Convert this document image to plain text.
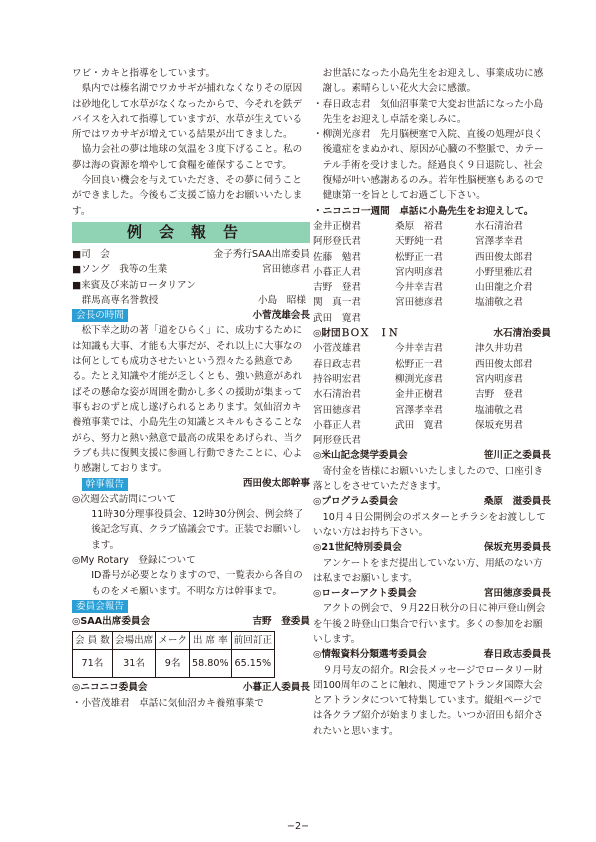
ワビ・カキと指導をしています。

県内では榛名湖でワカサギが捕れなくなりその原因は砂地化して水草がなくなったからで、今それを鉄デバイスを入れて指導していますが、水草が生えている所ではワカサギが増えている結果が出てきました。

協力会社の夢は地球の気温を３度下げること。私の夢は海の資源を増やして食糧を確保することです。

今回良い機会を与えていただき、その夢に伺うことができました。今後もご支援ご協力をお願いいたします。

例会報告
■司　会	金子秀行SAA出席委員
■ソング　我等の生業	宮田徳彦君
■来賓及び来訪ロータリアン
　群馬高専名誉教授	小島　昭様
会長の時間	小菅茂雄会長

松下幸之助の著「道をひらく」に、成功するためには知識も大事、才能も大事だが、それ以上に大事なのは何としても成功させたいという烈々たる熱意である。たとえ知識や才能が乏しくとも、強い熱意があればその懸命な姿が周囲を動かし多くの援助が集まって事もおのずと成し遂げられるとあります。気仙沼カキ養殖事業では、小島先生の知識とスキルもさることながら、努力と熱い熱意で最高の成果をあげられ、当クラブも共に復興支援に参画し行動できたことに、心より感謝しております。

幹事報告	西田俊太郎幹事

◎次週公式訪問について

11時30分理事役員会、12時30分例会、例会終了後記念写真、クラブ協議会です。正装でお願いします。

◎My Rotary　登録について

ID番号が必要となりますので、一覧表から各自のものをメモ願います。不明な方は幹事まで。

委員会報告
◎SAA出席委員会	吉野　登委員
会 員 数	会場出席	メーク	出 席 率	前回訂正
71名	31名	9名	58.80%	65.15%
◎ニコニコ委員会	小暮正人委員長

・小菅茂雄君　卓話に気仙沼カキ養殖事業で

お世話になった小島先生をお迎えし、事業成功に感謝し。素晴らしい花火大会に感激。

・春日政志君　気仙沼事業で大変お世話になった小島先生をお迎えし卓話を楽しみに。

・柳渕光彦君　先月脳梗塞で入院、直後の処理が良く後遺症をまぬかれ、原因が心臓の不整脈で、カテーテル手術を受けました。経過良く９日退院し、社会復帰が叶い感謝あるのみ。若年性脳梗塞もあるので健康第一を旨としてお過ごし下さい。

・ニコニコ一週間　卓話に小島先生をお迎えして。

金井正樹君	桑原　裕君	水石清治君
阿形登氏君	天野純一君	宮澤孝幸君
佐藤　勉君	松野正一君	西田俊太郎君
小暮正人君	宮内明彦君	小野里雅広君
吉野　登君	今井幸吉君	山田龍之介君
関　真一君	宮田徳彦君	塩浦敬之君
武田　寛君
◎財団ＢＯＸ　ＩＮ	水石清治委員
小菅茂雄君	今井幸吉君	津久井功君
春日政志君	松野正一君	西田俊太郎君
持谷明宏君	柳渕光彦君	宮内明彦君
水石清治君	金井正樹君	吉野　登君
宮田徳彦君	宮澤孝幸君	塩浦敬之君
小暮正人君	武田　寛君	保坂充男君
阿形登氏君
◎米山記念奨学委員会	笹川正之委員長

寄付金を皆様にお願いいたしましたので、口座引き落としをさせていただきます。

◎プログラム委員会	桑原　滋委員長

10月４日公開例会のポスターとチラシをお渡ししていない方はお持ち下さい。

◎21世紀特別委員会	保坂充男委員長

アンケートをまだ提出していない方、用紙のない方は私までお願いします。

◎ローターアクト委員会	宮田徳彦委員長

アクトの例会で、９月22日秋分の日に神戸登山例会を午後２時登山口集合で行います。多くの参加をお願いします。

◎情報資料分類選考委員会	春日政志委員長

９月号友の紹介。RI会長メッセージでロータリー財団100周年のことに触れ、関連でアトランタ国際大会とアトランタについて特集しています。縦組ページでは各クラブ紹介が始まりました。いつか沼田も紹介されたいと思います。

−2−
